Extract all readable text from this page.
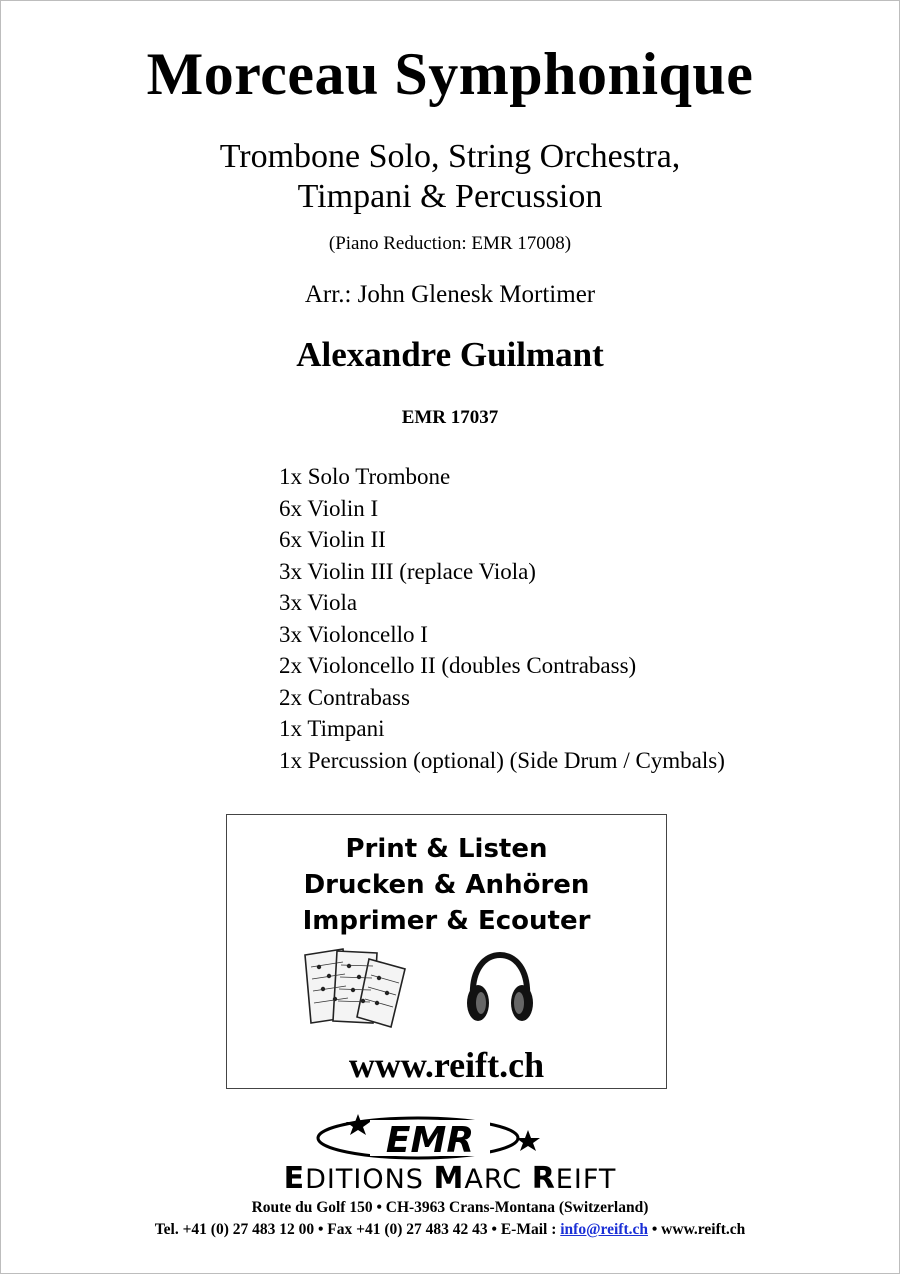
Morceau Symphonique
Trombone Solo, String Orchestra,
Timpani & Percussion
(Piano Reduction: EMR 17008)
Arr.: John Glenesk Mortimer
Alexandre Guilmant
EMR 17037
1x Solo Trombone
6x Violin I
6x Violin II
3x Violin III (replace Viola)
3x Viola
3x Violoncello I
2x Violoncello II (doubles Contrabass)
2x Contrabass
1x Timpani
1x Percussion (optional) (Side Drum / Cymbals)
Print & Listen
Drucken & Anhören
Imprimer & Ecouter
www.reift.ch
EMR
EDITIONS MARC REIFT
Route du Golf 150 • CH-3963 Crans-Montana (Switzerland)
Tel. +41 (0) 27 483 12 00 • Fax +41 (0) 27 483 42 43 • E-Mail : info@reift.ch • www.reift.ch
